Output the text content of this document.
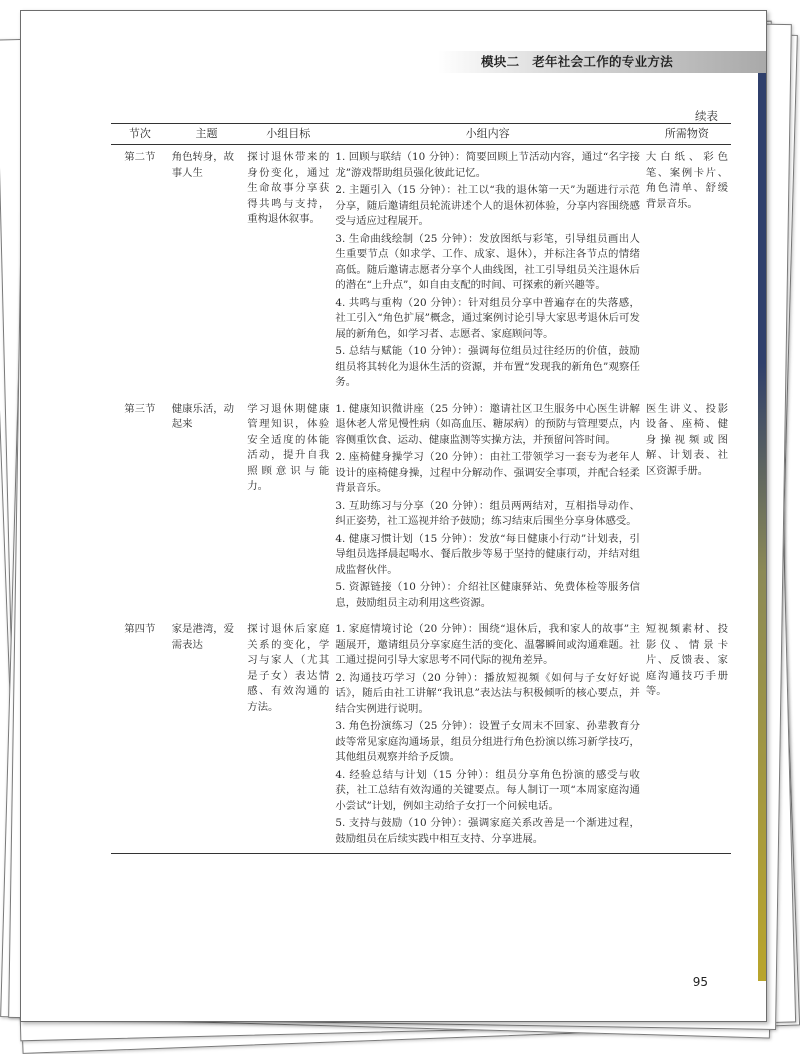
模块二　老年社会工作的专业方法
续表
节次	主题	小组目标	小组内容	所需物资
第二节	角色转身，故事人生	探讨退休带来的身份变化，通过生命故事分享获得共鸣与支持，重构退休叙事。	1. 回顾与联结（10 分钟）：简要回顾上节活动内容，通过“名字接龙”游戏帮助组员强化彼此记忆。
2. 主题引入（15 分钟）：社工以“我的退休第一天”为题进行示范分享，随后邀请组员轮流讲述个人的退休初体验，分享内容围绕感受与适应过程展开。
3. 生命曲线绘制（25 分钟）：发放图纸与彩笔，引导组员画出人生重要节点（如求学、工作、成家、退休），并标注各节点的情绪高低。随后邀请志愿者分享个人曲线图，社工引导组员关注退休后的潜在“上升点”，如自由支配的时间、可探索的新兴趣等。
4. 共鸣与重构（20 分钟）：针对组员分享中普遍存在的失落感，社工引入“角色扩展”概念，通过案例讨论引导大家思考退休后可发展的新角色，如学习者、志愿者、家庭顾问等。
5. 总结与赋能（10 分钟）：强调每位组员过往经历的价值，鼓励组员将其转化为退休生活的资源，并布置“发现我的新角色”观察任务。	大白纸、彩色笔、案例卡片、角色清单、舒缓背景音乐。
第三节	健康乐活，动起来	学习退休期健康管理知识，体验安全适度的体能活动，提升自我照顾意识与能力。	1. 健康知识微讲座（25 分钟）：邀请社区卫生服务中心医生讲解退休老人常见慢性病（如高血压、糖尿病）的预防与管理要点，内容侧重饮食、运动、健康监测等实操方法，并预留问答时间。
2. 座椅健身操学习（20 分钟）：由社工带领学习一套专为老年人设计的座椅健身操，过程中分解动作、强调安全事项，并配合轻柔背景音乐。
3. 互助练习与分享（20 分钟）：组员两两结对，互相指导动作、纠正姿势，社工巡视并给予鼓励；练习结束后围坐分享身体感受。
4. 健康习惯计划（15 分钟）：发放“每日健康小行动”计划表，引导组员选择晨起喝水、餐后散步等易于坚持的健康行动，并结对组成监督伙伴。
5. 资源链接（10 分钟）：介绍社区健康驿站、免费体检等服务信息，鼓励组员主动利用这些资源。	医生讲义、投影设备、座椅、健身操视频或图解、计划表、社区资源手册。
第四节	家是港湾，爱需表达	探讨退休后家庭关系的变化，学习与家人（尤其是子女）表达情感、有效沟通的方法。	1. 家庭情境讨论（20 分钟）：围绕“退休后，我和家人的故事”主题展开，邀请组员分享家庭生活的变化、温馨瞬间或沟通难题。社工通过提问引导大家思考不同代际的视角差异。
2. 沟通技巧学习（20 分钟）：播放短视频《如何与子女好好说话》，随后由社工讲解“我讯息”表达法与积极倾听的核心要点，并结合实例进行说明。
3. 角色扮演练习（25 分钟）：设置子女周末不回家、孙辈教育分歧等常见家庭沟通场景，组员分组进行角色扮演以练习新学技巧，其他组员观察并给予反馈。
4. 经验总结与计划（15 分钟）：组员分享角色扮演的感受与收获，社工总结有效沟通的关键要点。每人制订一项“本周家庭沟通小尝试”计划，例如主动给子女打一个问候电话。
5. 支持与鼓励（10 分钟）：强调家庭关系改善是一个渐进过程，鼓励组员在后续实践中相互支持、分享进展。	短视频素材、投影仪、情景卡片、反馈表、家庭沟通技巧手册等。
95
